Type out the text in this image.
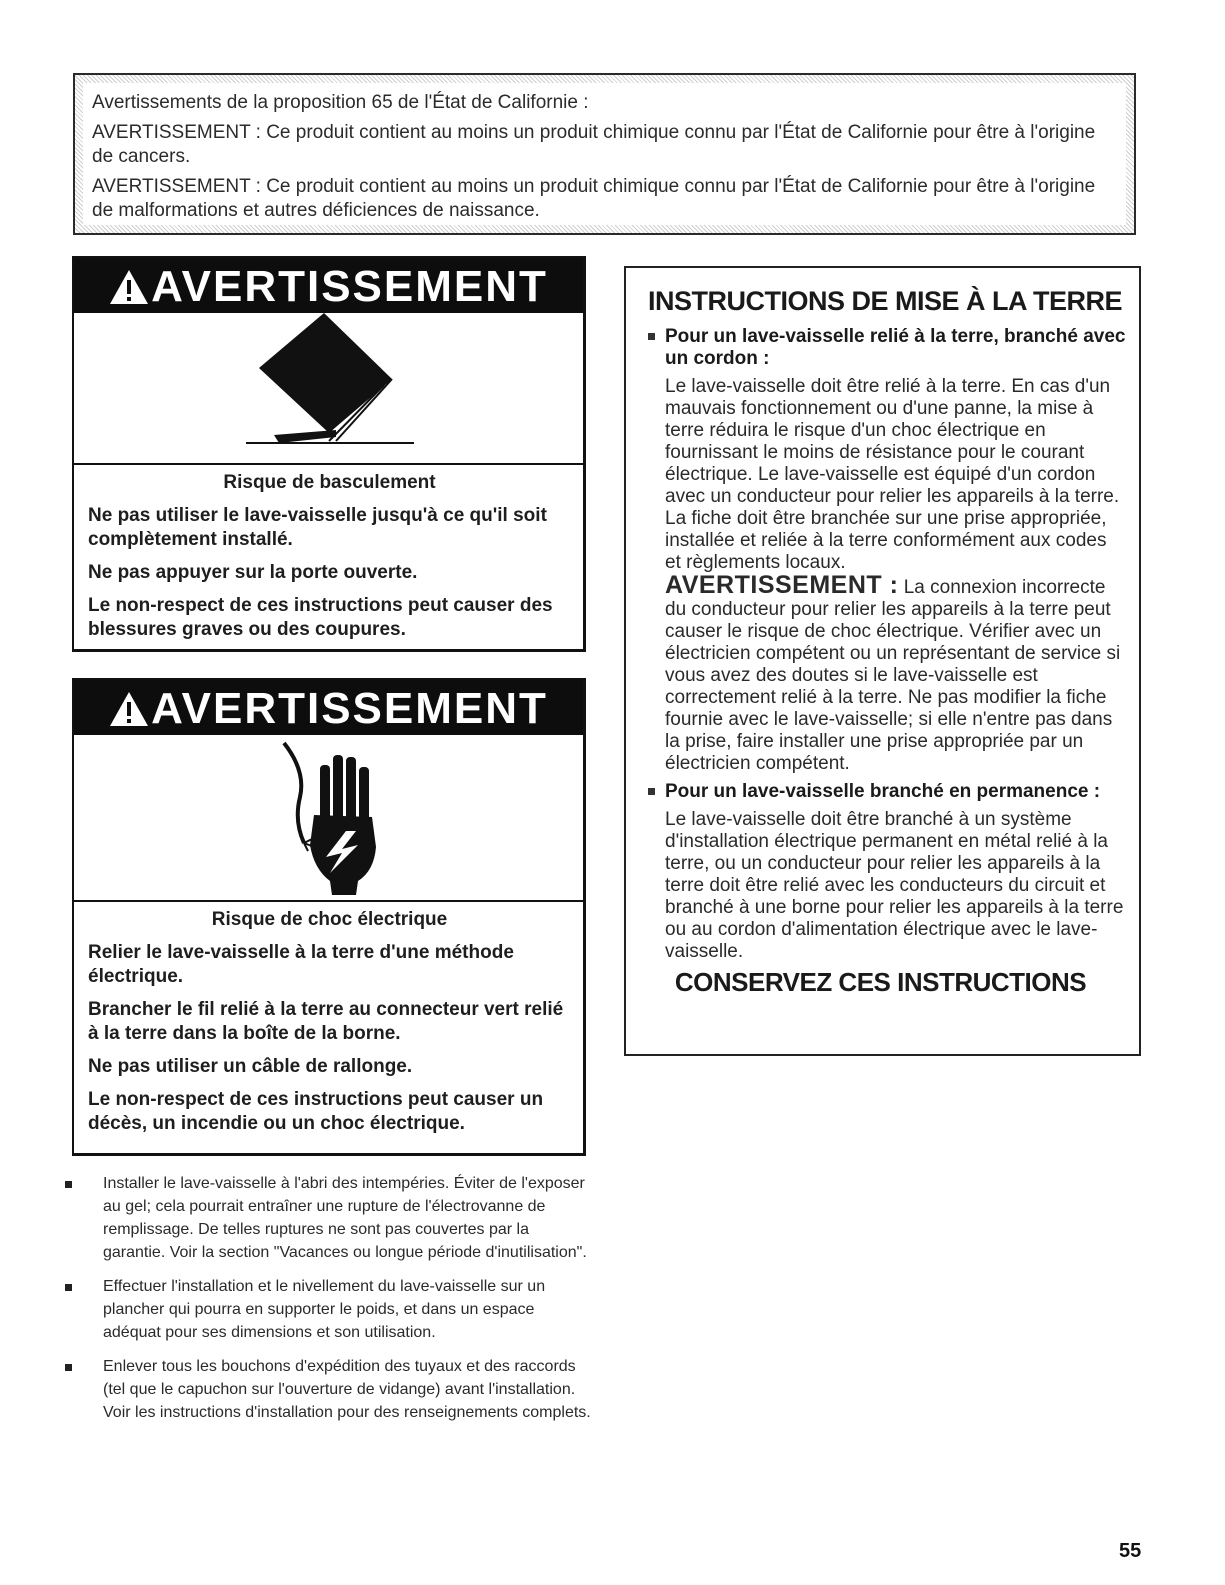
Avertissements de la proposition 65 de l'État de Californie :

AVERTISSEMENT : Ce produit contient au moins un produit chimique connu par l'État de Californie pour être à l'origine de cancers.

AVERTISSEMENT : Ce produit contient au moins un produit chimique connu par l'État de Californie pour être à l'origine de malformations et autres déficiences de naissance.

AVERTISSEMENT

Risque de basculement

Ne pas utiliser le lave-vaisselle jusqu'à ce qu'il soit complètement installé.

Ne pas appuyer sur la porte ouverte.

Le non-respect de ces instructions peut causer des blessures graves ou des coupures.

AVERTISSEMENT

Risque de choc électrique

Relier le lave-vaisselle à la terre d'une méthode électrique.

Brancher le fil relié à la terre au connecteur vert relié à la terre dans la boîte de la borne.

Ne pas utiliser un câble de rallonge.

Le non-respect de ces instructions peut causer un décès, un incendie ou un choc électrique.

INSTRUCTIONS DE MISE À LA TERRE
Pour un lave-vaisselle relié à la terre, branché avec un cordon :

Le lave-vaisselle doit être relié à la terre. En cas d'un mauvais fonctionnement ou d'une panne, la mise à terre réduira le risque d'un choc électrique en fournissant le moins de résistance pour le courant électrique. Le lave-vaisselle est équipé d'un cordon avec un conducteur pour relier les appareils à la terre. La fiche doit être branchée sur une prise appropriée, installée et reliée à la terre conformément aux codes et règlements locaux.

AVERTISSEMENT : La connexion incorrecte du conducteur pour relier les appareils à la terre peut causer le risque de choc électrique. Vérifier avec un électricien compétent ou un représentant de service si vous avez des doutes si le lave-vaisselle est correctement relié à la terre. Ne pas modifier la fiche fournie avec le lave-vaisselle; si elle n'entre pas dans la prise, faire installer une prise appropriée par un électricien compétent.

Pour un lave-vaisselle branché en permanence :

Le lave-vaisselle doit être branché à un système d'installation électrique permanent en métal relié à la terre, ou un conducteur pour relier les appareils à la terre doit être relié avec les conducteurs du circuit et branché à une borne pour relier les appareils à la terre ou au cordon d'alimentation électrique avec le lave-vaisselle.

CONSERVEZ CES INSTRUCTIONS

Installer le lave-vaisselle à l'abri des intempéries. Éviter de l'exposer au gel; cela pourrait entraîner une rupture de l'électrovanne de remplissage. De telles ruptures ne sont pas couvertes par la garantie. Voir la section "Vacances ou longue période d'inutilisation".
Effectuer l'installation et le nivellement du lave-vaisselle sur un plancher qui pourra en supporter le poids, et dans un espace adéquat pour ses dimensions et son utilisation.
Enlever tous les bouchons d'expédition des tuyaux et des raccords (tel que le capuchon sur l'ouverture de vidange) avant l'installation. Voir les instructions d'installation pour des renseignements complets.
55
